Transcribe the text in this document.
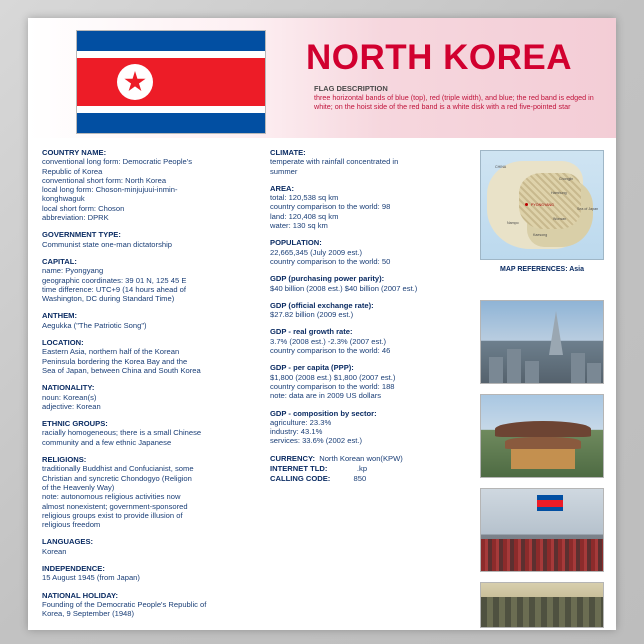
NORTH KOREA
FLAG DESCRIPTION
three horizontal bands of blue (top), red (triple width), and blue; the red band is edged in white; on the hoist side of the red band is a white disk with a red five-pointed star
COUNTRY NAME:
conventional long form: Democratic People's
Republic of Korea
conventional short form: North Korea
local long form: Choson-minjujuui-inmin-
konghwaguk
local short form: Choson
abbreviation: DPRK
GOVERNMENT TYPE:
Communist state one-man dictatorship
CAPITAL:
name: Pyongyang
geographic coordinates: 39 01 N, 125 45 E
time difference: UTC+9 (14 hours ahead of
Washington, DC during Standard Time)
ANTHEM:
Aegukka ("The Patriotic Song")
LOCATION:
Eastern Asia, northern half of the Korean
Peninsula bordering the Korea Bay and the
Sea of Japan, between China and South Korea
NATIONALITY:
noun: Korean(s)
adjective: Korean
ETHNIC GROUPS:
racially homogeneous; there is a small Chinese
community and a few ethnic Japanese
RELIGIONS:
traditionally Buddhist and Confucianist, some
Christian and syncretic Chondogyo (Religion
of the Heavenly Way)
note: autonomous religious activities now
almost nonexistent; government-sponsored
religious groups exist to provide illusion of
religious freedom
LANGUAGES:
Korean
INDEPENDENCE:
15 August 1945 (from Japan)
NATIONAL HOLIDAY:
Founding of the Democratic People's Republic of
Korea, 9 September (1948)
CLIMATE:
temperate with rainfall concentrated in
summer
AREA:
total: 120,538 sq km
country comparison to the world: 98
land: 120,408 sq km
water: 130 sq km
POPULATION:
22,665,345 (July 2009 est.)
country comparison to the world: 50
GDP (purchasing power parity):
$40 billion (2008 est.) $40 billion (2007 est.)
GDP (official exchange rate):
$27.82 billion (2009 est.)
GDP - real growth rate:
3.7% (2008 est.) -2.3% (2007 est.)
country comparison to the world: 46
GDP - per capita (PPP):
$1,800 (2008 est.) $1,800 (2007 est.)
country comparison to the world: 188
note: data are in 2009 US dollars
GDP - composition by sector:
agriculture: 23.3%
industry: 43.1%
services: 33.6% (2002 est.)
CURRENCY:  North Korean won(KPW)
INTERNET TLD:              .kp
CALLING CODE:           850
CHINA
PYONGYANG
Sea of Japan
Chongjin
Hamhung
Wonsan
Kaesong
Nampo
MAP REFERENCES: Asia
